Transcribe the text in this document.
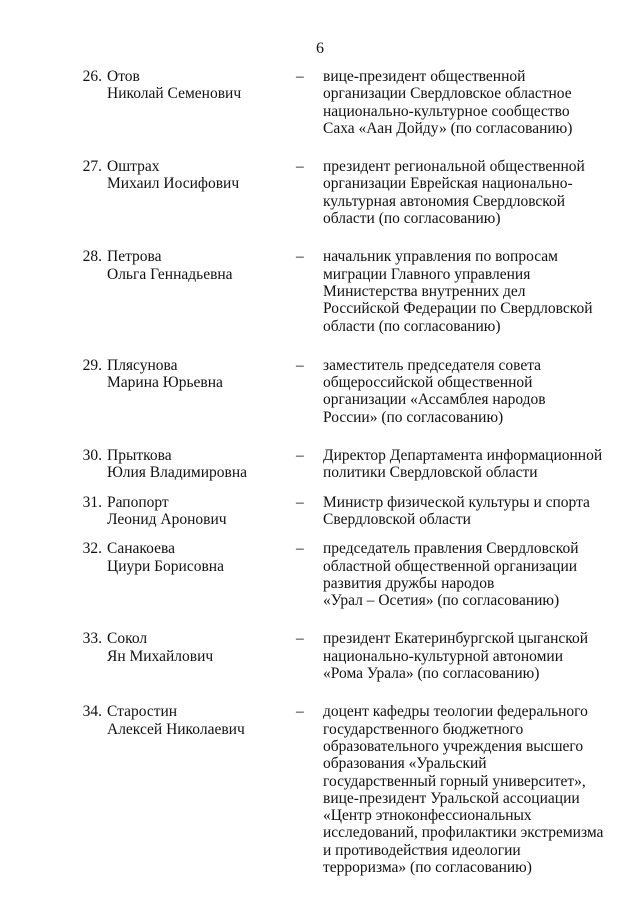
6
26. Отов
Николай Семенович
– вице-президент общественной
организации Свердловское областное
национально-культурное сообщество
Саха «Аан Дойду» (по согласованию)
27. Оштрах
Михаил Иосифович
– президент региональной общественной
организации Еврейская национально-
культурная автономия Свердловской
области (по согласованию)
28. Петрова
Ольга Геннадьевна
– начальник управления по вопросам
миграции Главного управления
Министерства внутренних дел
Российской Федерации по Свердловской
области (по согласованию)
29. Плясунова
Марина Юрьевна
– заместитель председателя совета
общероссийской общественной
организации «Ассамблея народов
России» (по согласованию)
30. Прыткова
Юлия Владимировна
– Директор Департамента информационной
политики Свердловской области
31. Рапопорт
Леонид Аронович
– Министр физической культуры и спорта
Свердловской области
32. Санакоева
Циури Борисовна
– председатель правления Свердловской
областной общественной организации
развития дружбы народов
«Урал – Осетия» (по согласованию)
33. Сокол
Ян Михайлович
– президент Екатеринбургской цыганской
национально-культурной автономии
«Рома Урала» (по согласованию)
34. Старостин
Алексей Николаевич
– доцент кафедры теологии федерального
государственного бюджетного
образовательного учреждения высшего
образования «Уральский
государственный горный университет»,
вице-президент Уральской ассоциации
«Центр этноконфессиональных
исследований, профилактики экстремизма
и противодействия идеологии
терроризма» (по согласованию)
